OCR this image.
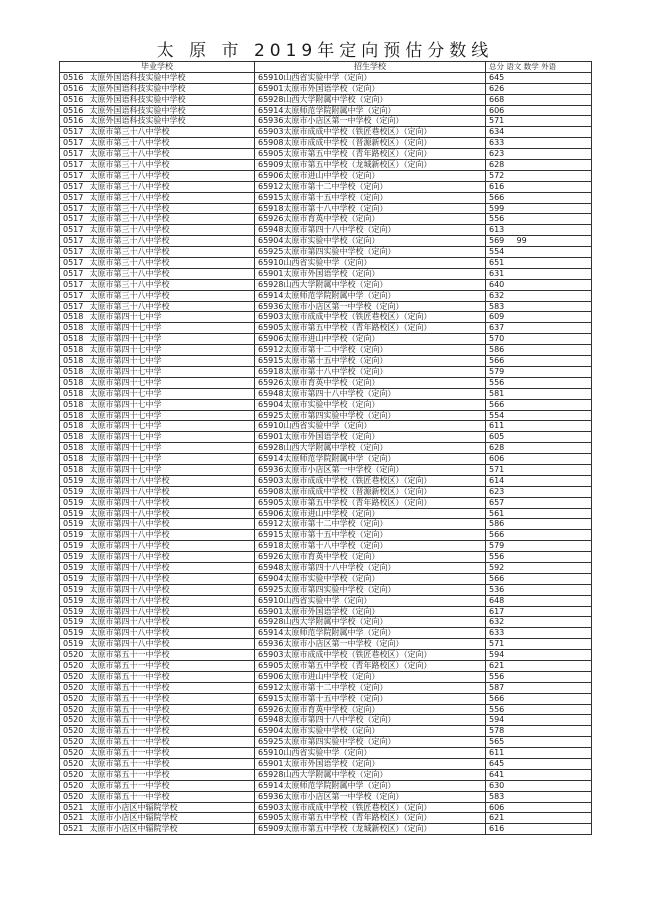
太 原 市 2019年定向预估分数线
毕业学校		招生学校		总分 语文 数学 外语					
0516	太原外国语科技实验中学校	65910	山西省实验中学（定向）	645					
0516	太原外国语科技实验中学校	65901	太原市外国语学校（定向）	626					
0516	太原外国语科技实验中学校	65928	山西大学附属中学校（定向）	668					
0516	太原外国语科技实验中学校	65914	太原师范学院附属中学（定向）	606					
0516	太原外国语科技实验中学校	65936	太原市小店区第一中学校（定向）	571					
0517	太原市第三十八中学校	65903	太原市成成中学校（铁匠巷校区）（定向）	634					
0517	太原市第三十八中学校	65908	太原市成成中学校（晋源新校区）（定向）	633					
0517	太原市第三十八中学校	65905	太原市第五中学校（青年路校区）（定向）	623					
0517	太原市第三十八中学校	65909	太原市第五中学校（龙城新校区）（定向）	628					
0517	太原市第三十八中学校	65906	太原市进山中学校（定向）	572					
0517	太原市第三十八中学校	65912	太原市第十二中学校（定向）	616					
0517	太原市第三十八中学校	65915	太原市第十五中学校（定向）	566					
0517	太原市第三十八中学校	65918	太原市第十八中学校（定向）	599					
0517	太原市第三十八中学校	65926	太原市育英中学校（定向）	556					
0517	太原市第三十八中学校	65948	太原市第四十八中学校（定向）	613					
0517	太原市第三十八中学校	65904	太原市实验中学校（定向）	569		99			
0517	太原市第三十八中学校	65925	太原市第四实验中学校（定向）	554					
0517	太原市第三十八中学校	65910	山西省实验中学（定向）	651					
0517	太原市第三十八中学校	65901	太原市外国语学校（定向）	631					
0517	太原市第三十八中学校	65928	山西大学附属中学校（定向）	640					
0517	太原市第三十八中学校	65914	太原师范学院附属中学（定向）	632					
0517	太原市第三十八中学校	65936	太原市小店区第一中学校（定向）	583					
0518	太原市第四十七中学	65903	太原市成成中学校（铁匠巷校区）（定向）	609					
0518	太原市第四十七中学	65905	太原市第五中学校（青年路校区）（定向）	637					
0518	太原市第四十七中学	65906	太原市进山中学校（定向）	570					
0518	太原市第四十七中学	65912	太原市第十二中学校（定向）	586					
0518	太原市第四十七中学	65915	太原市第十五中学校（定向）	566					
0518	太原市第四十七中学	65918	太原市第十八中学校（定向）	579					
0518	太原市第四十七中学	65926	太原市育英中学校（定向）	556					
0518	太原市第四十七中学	65948	太原市第四十八中学校（定向）	581					
0518	太原市第四十七中学	65904	太原市实验中学校（定向）	566					
0518	太原市第四十七中学	65925	太原市第四实验中学校（定向）	554					
0518	太原市第四十七中学	65910	山西省实验中学（定向）	611					
0518	太原市第四十七中学	65901	太原市外国语学校（定向）	605					
0518	太原市第四十七中学	65928	山西大学附属中学校（定向）	628					
0518	太原市第四十七中学	65914	太原师范学院附属中学（定向）	606					
0518	太原市第四十七中学	65936	太原市小店区第一中学校（定向）	571					
0519	太原市第四十八中学校	65903	太原市成成中学校（铁匠巷校区）（定向）	614					
0519	太原市第四十八中学校	65908	太原市成成中学校（晋源新校区）（定向）	623					
0519	太原市第四十八中学校	65905	太原市第五中学校（青年路校区）（定向）	657					
0519	太原市第四十八中学校	65906	太原市进山中学校（定向）	561					
0519	太原市第四十八中学校	65912	太原市第十二中学校（定向）	586					
0519	太原市第四十八中学校	65915	太原市第十五中学校（定向）	566					
0519	太原市第四十八中学校	65918	太原市第十八中学校（定向）	579					
0519	太原市第四十八中学校	65926	太原市育英中学校（定向）	556					
0519	太原市第四十八中学校	65948	太原市第四十八中学校（定向）	592					
0519	太原市第四十八中学校	65904	太原市实验中学校（定向）	566					
0519	太原市第四十八中学校	65925	太原市第四实验中学校（定向）	536					
0519	太原市第四十八中学校	65910	山西省实验中学（定向）	648					
0519	太原市第四十八中学校	65901	太原市外国语学校（定向）	617					
0519	太原市第四十八中学校	65928	山西大学附属中学校（定向）	632					
0519	太原市第四十八中学校	65914	太原师范学院附属中学（定向）	633					
0519	太原市第四十八中学校	65936	太原市小店区第一中学校（定向）	571					
0520	太原市第五十一中学校	65903	太原市成成中学校（铁匠巷校区）（定向）	594					
0520	太原市第五十一中学校	65905	太原市第五中学校（青年路校区）（定向）	621					
0520	太原市第五十一中学校	65906	太原市进山中学校（定向）	556					
0520	太原市第五十一中学校	65912	太原市第十二中学校（定向）	587					
0520	太原市第五十一中学校	65915	太原市第十五中学校（定向）	566					
0520	太原市第五十一中学校	65926	太原市育英中学校（定向）	556					
0520	太原市第五十一中学校	65948	太原市第四十八中学校（定向）	594					
0520	太原市第五十一中学校	65904	太原市实验中学校（定向）	578					
0520	太原市第五十一中学校	65925	太原市第四实验中学校（定向）	565					
0520	太原市第五十一中学校	65910	山西省实验中学（定向）	611					
0520	太原市第五十一中学校	65901	太原市外国语学校（定向）	645					
0520	太原市第五十一中学校	65928	山西大学附属中学校（定向）	641					
0520	太原市第五十一中学校	65914	太原师范学院附属中学（定向）	630					
0520	太原市第五十一中学校	65936	太原市小店区第一中学校（定向）	583					
0521	太原市小店区中辐院学校	65903	太原市成成中学校（铁匠巷校区）（定向）	606					
0521	太原市小店区中辐院学校	65905	太原市第五中学校（青年路校区）（定向）	621					
0521	太原市小店区中辐院学校	65909	太原市第五中学校（龙城新校区）（定向）	616					
